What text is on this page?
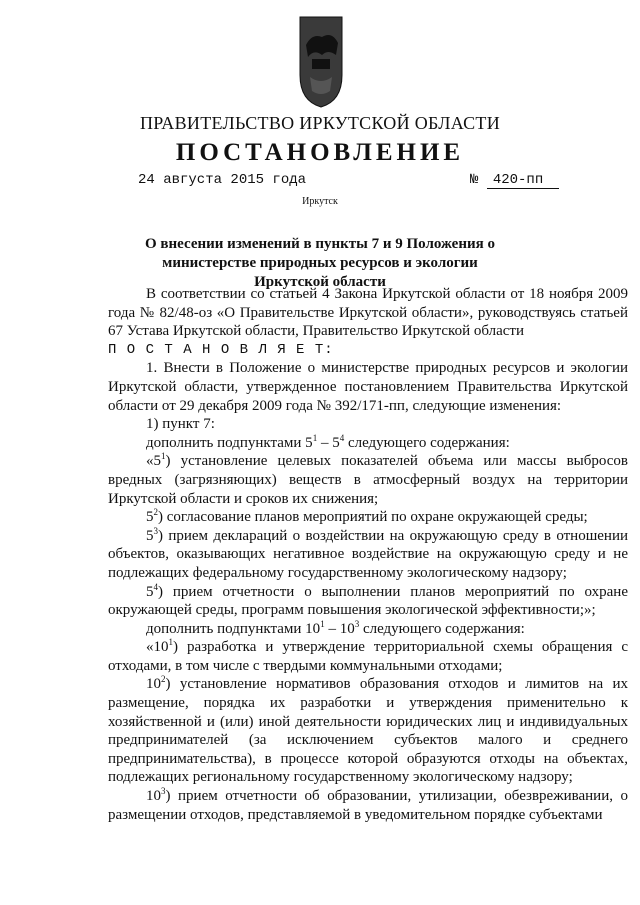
ПРАВИТЕЛЬСТВО ИРКУТСКОЙ ОБЛАСТИ
ПОСТАНОВЛЕНИЕ
24 августа 2015 года	№ 420-пп
Иркутск
О внесении изменений в пункты 7 и 9 Положения о министерстве природных ресурсов и экологии Иркутской области

В соответствии со статьей 4 Закона Иркутской области от 18 ноября 2009 года № 82/48-оз «О Правительстве Иркутской области», руководствуясь статьей 67 Устава Иркутской области, Правительство Иркутской области

П О С Т А Н О В Л Я Е Т:

1. Внести в Положение о министерстве природных ресурсов и экологии Иркутской области, утвержденное постановлением Правительства Иркутской области от 29 декабря 2009 года № 392/171-пп, следующие изменения:

1) пункт 7:

дополнить подпунктами $5^1 - 5^4$ следующего содержания:

«$5^1$) установление целевых показателей объема или массы выбросов вредных (загрязняющих) веществ в атмосферный воздух на территории Иркутской области и сроков их снижения;

$5^2$) согласование планов мероприятий по охране окружающей среды;

$5^3$) прием деклараций о воздействии на окружающую среду в отношении объектов, оказывающих негативное воздействие на окружающую среду и не подлежащих федеральному государственному экологическому надзору;

$5^4$) прием отчетности о выполнении планов мероприятий по охране окружающей среды, программ повышения экологической эффективности;»;

дополнить подпунктами $10^1 - 10^3$ следующего содержания:

«$10^1$) разработка и утверждение территориальной схемы обращения с отходами, в том числе с твердыми коммунальными отходами;

$10^2$) установление нормативов образования отходов и лимитов на их размещение, порядка их разработки и утверждения применительно к хозяйственной и (или) иной деятельности юридических лиц и индивидуальных предпринимателей (за исключением субъектов малого и среднего предпринимательства), в процессе которой образуются отходы на объектах, подлежащих региональному государственному экологическому надзору;

$10^3$) прием отчетности об образовании, утилизации, обезвреживании, о размещении отходов, представляемой в уведомительном порядке субъектами
